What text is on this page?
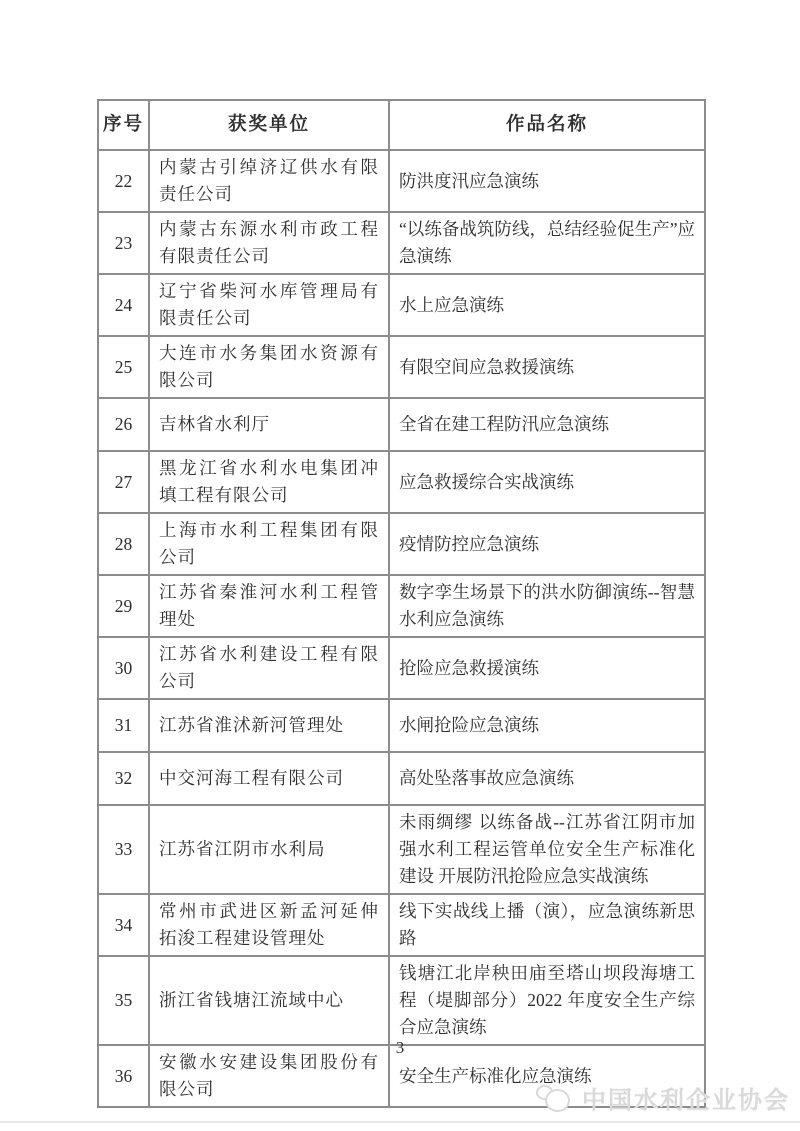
序号	获奖单位	作品名称
22	内蒙古引绰济辽供水有限责任公司	防洪度汛应急演练
23	内蒙古东源水利市政工程有限责任公司	“以练备战筑防线，总结经验促生产”应急演练
24	辽宁省柴河水库管理局有限责任公司	水上应急演练
25	大连市水务集团水资源有限公司	有限空间应急救援演练
26	吉林省水利厅	全省在建工程防汛应急演练
27	黑龙江省水利水电集团冲填工程有限公司	应急救援综合实战演练
28	上海市水利工程集团有限公司	疫情防控应急演练
29	江苏省秦淮河水利工程管理处	数字孪生场景下的洪水防御演练--智慧水利应急演练
30	江苏省水利建设工程有限公司	抢险应急救援演练
31	江苏省淮沭新河管理处	水闸抢险应急演练
32	中交河海工程有限公司	高处坠落事故应急演练
33	江苏省江阴市水利局	未雨绸缪 以练备战--江苏省江阴市加强水利工程运管单位安全生产标准化建设 开展防汛抢险应急实战演练
34	常州市武进区新孟河延伸拓浚工程建设管理处	线下实战线上播（演），应急演练新思路
35	浙江省钱塘江流域中心	钱塘江北岸秧田庙至塔山坝段海塘工程（堤脚部分）2022 年度安全生产综合应急演练
36	安徽水安建设集团股份有限公司	安全生产标准化应急演练
3
中国水利企业协会
